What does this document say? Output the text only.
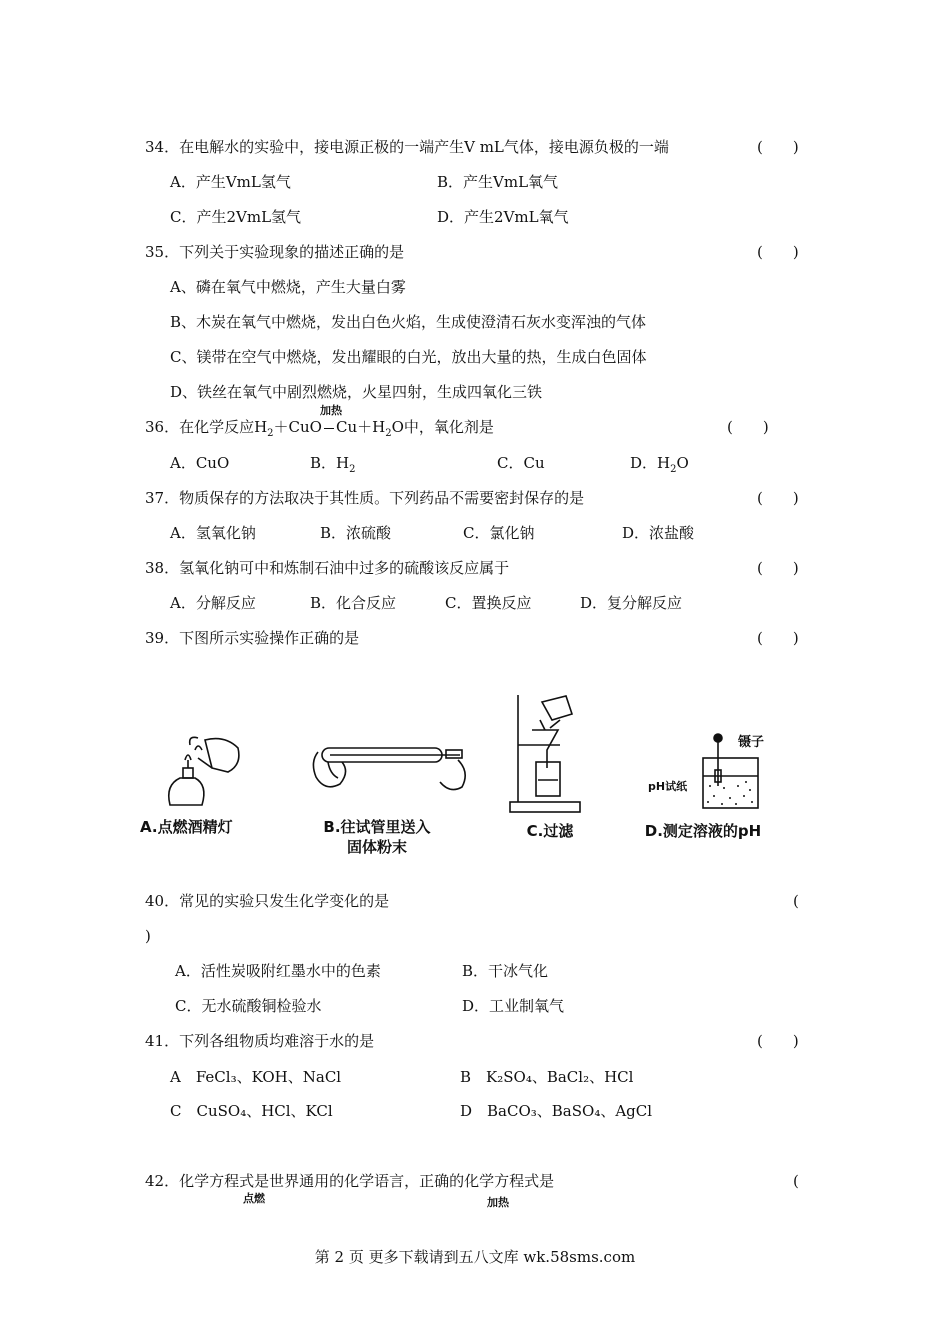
34．在电解水的实验中，接电源正极的一端产生V mL气体，接电源负极的一端	(　　)
A．产生VmL氢气	B．产生VmL氧气
C．产生2VmL氢气	D．产生2VmL氧气
35．下列关于实验现象的描述正确的是	(　　)
A、磷在氧气中燃烧，产生大量白雾
B、木炭在氧气中燃烧，发出白色火焰，生成使澄清石灰水变浑浊的气体
C、镁带在空气中燃烧，发出耀眼的白光，放出大量的热，生成白色固体
D、铁丝在氧气中剧烈燃烧，火星四射，生成四氧化三铁
加热
36．在化学反应$H_2+CuO$ $Cu+H_2O$中，氧化剂是	(　　)
A．CuO	B．$H_2$	C．Cu	D．$H_2O$
37．物质保存的方法取决于其性质。下列药品不需要密封保存的是	(　　)
A．氢氧化钠	B．浓硫酸	C．氯化钠	D．浓盐酸
38．氢氧化钠可中和炼制石油中过多的硫酸该反应属于	(　　)
A．分解反应	B．化合反应	C．置换反应	D．复分解反应
39．下图所示实验操作正确的是	(　　)
A.点燃酒精灯	B.往试管里送入
固体粉末
C.过滤
镊子
pH试纸
D.测定溶液的pH
40．常见的实验只发生化学变化的是	(
)
A．活性炭吸附红墨水中的色素	B．干冰气化
C．无水硫酸铜检验水	D．工业制氧气
41．下列各组物质均难溶于水的是	(　　)
A　FeCl₃、KOH、NaCl	B　K₂SO₄、BaCl₂、HCl
C　CuSO₄、HCl、KCl	D　BaCO₃、BaSO₄、AgCl
42．化学方程式是世界通用的化学语言，正确的化学方程式是	(
点燃	加热
第 2 页 更多下载请到五八文库 wk.58sms.com
